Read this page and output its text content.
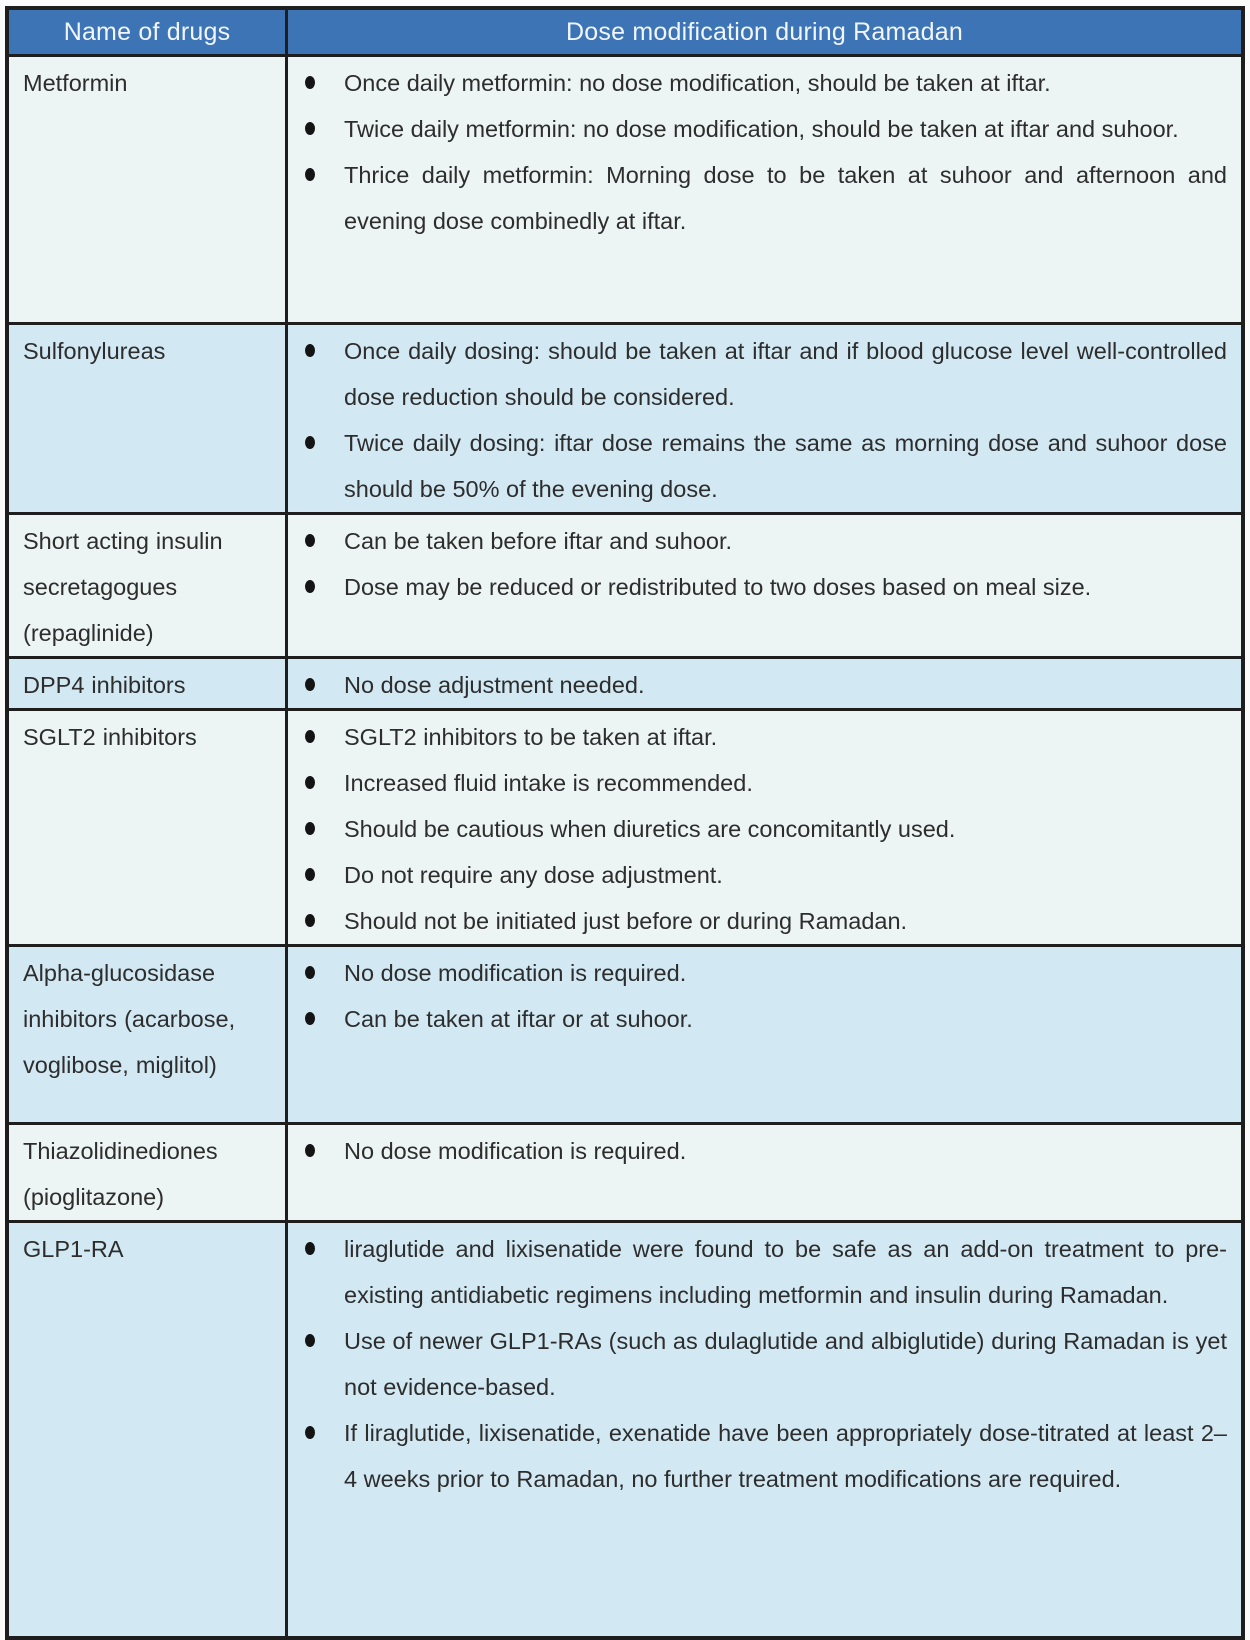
Name of drugs	Dose modification during Ramadan

Metformin	Once daily metformin: no dose modification, should be taken at iftar.

Twice daily metformin: no dose modification, should be taken at iftar and suhoor.

Thrice daily metformin: Morning dose to be taken at suhoor and afternoon and evening dose combinedly at iftar.

Sulfonylureas	Once daily dosing: should be taken at iftar and if blood glucose level well-controlled dose reduction should be considered.

Twice daily dosing: iftar dose remains the same as morning dose and suhoor dose should be 50% of the evening dose.

Short acting insulin secretagogues (repaglinide)	Can be taken before iftar and suhoor.

Dose may be reduced or redistributed to two doses based on meal size.

DPP4 inhibitors	No dose adjustment needed.

SGLT2 inhibitors	SGLT2 inhibitors to be taken at iftar.

Increased fluid intake is recommended.

Should be cautious when diuretics are concomitantly used.

Do not require any dose adjustment.

Should not be initiated just before or during Ramadan.

Alpha-glucosidase inhibitors (acarbose, voglibose, miglitol)	No dose modification is required.

Can be taken at iftar or at suhoor.

Thiazolidinediones (pioglitazone)	No dose modification is required.

GLP1-RA	liraglutide and lixisenatide were found to be safe as an add-on treatment to pre-existing antidiabetic regimens including metformin and insulin during Ramadan.

Use of newer GLP1-RAs (such as dulaglutide and albiglutide) during Ramadan is yet not evidence-based.

If liraglutide, lixisenatide, exenatide have been appropriately dose-titrated at least 2–4 weeks prior to Ramadan, no further treatment modifications are required.
